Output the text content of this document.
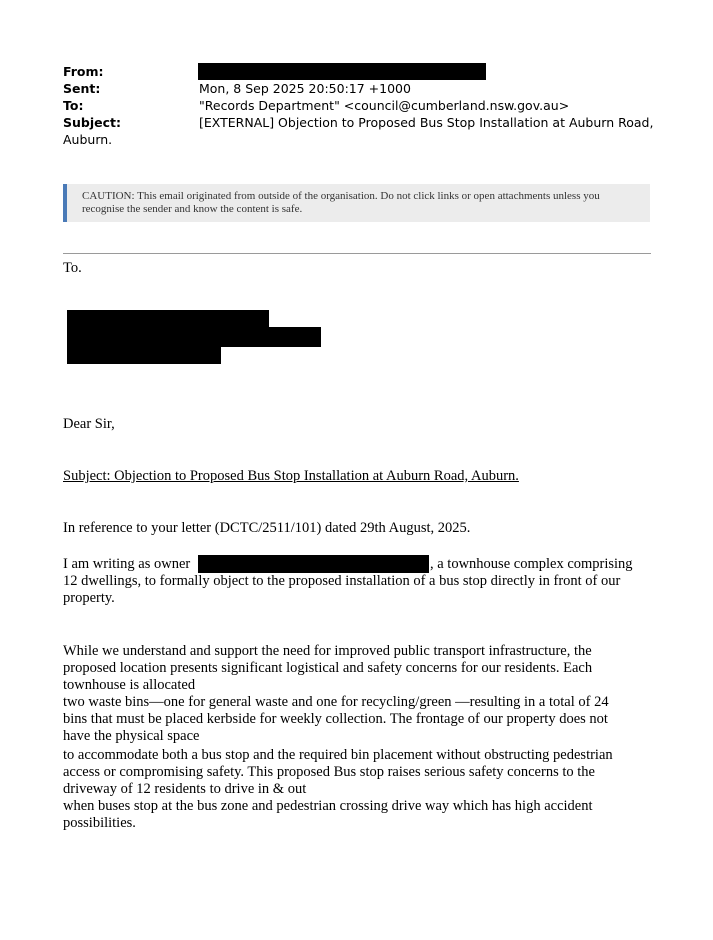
From:
Sent:	Mon, 8 Sep 2025 20:50:17 +1000
To:	"Records Department" <council@cumberland.nsw.gov.au>
Subject:	[EXTERNAL] Objection to Proposed Bus Stop Installation at Auburn Road,
Auburn.
CAUTION: This email originated from outside of the organisation. Do not click links or open attachments unless you
recognise the sender and know the content is safe.
To.
Dear Sir,
Subject: Objection to Proposed Bus Stop Installation at Auburn Road, Auburn.
In reference to your letter (DCTC/2511/101) dated 29th August, 2025.
I am writing as owner	, a townhouse complex comprising
12 dwellings, to formally object to the proposed installation of a bus stop directly in front of our
property.
While we understand and support the need for improved public transport infrastructure, the
proposed location presents significant logistical and safety concerns for our residents. Each
townhouse is allocated
two waste bins—one for general waste and one for recycling/green —resulting in a total of 24
bins that must be placed kerbside for weekly collection. The frontage of our property does not
have the physical space
to accommodate both a bus stop and the required bin placement without obstructing pedestrian
access or compromising safety. This proposed Bus stop raises serious safety concerns to the
driveway of 12 residents to drive in & out
when buses stop at the bus zone and pedestrian crossing drive way which has high accident
possibilities.
